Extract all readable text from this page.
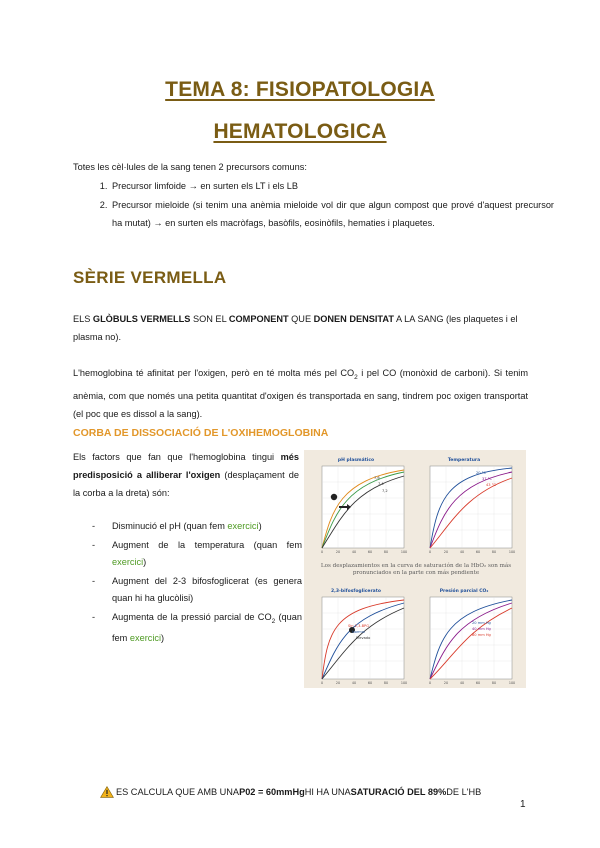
TEMA 8: FISIOPATOLOGIA
HEMATOLOGICA
Totes les cèl·lules de la sang tenen 2 precursors comuns:
1. Precursor limfoide → en surten els LT i els LB
2. Precursor mieloide (si tenim una anèmia mieloide vol dir que algun compost que prové d'aquest precursor ha mutat) → en surten els macròfags, basòfils, eosinòfils, hematies i plaquetes.
SÈRIE VERMELLA
ELS GLÒBULS VERMELLS SON EL COMPONENT QUE DONEN DENSITAT A LA SANG (les plaquetes i el plasma no).
L'hemoglobina té afinitat per l'oxigen, però en té molta més pel $CO_2$ i pel CO (monòxid de carboni). Si tenim anèmia, com que només una petita quantitat d'oxigen és transportada en sang, tindrem poc oxigen transportat (el poc que es dissol a la sang).
CORBA DE DISSOCIACIÓ DE L'OXIHEMOGLOBINA
Els factors que fan que l'hemoglobina tingui més predisposició a alliberar l'oxigen (desplaçament de la corba a la dreta) són:
- Disminució el pH (quan fem exercici)
- Augment de la temperatura (quan fem exercici)
- Augment del 2-3 bifosfoglicerat (es genera quan hi ha glucòlisi)
- Augmenta de la pressió parcial de $CO_2$ (quan fem exercici)
pH plasmático	Temperatura
2,3-bifosfoglicerato	Presión parcial CO₂
7,6
7,4
7,2
20 °C
37 °C
43 °C
Sin 2,3-BPG
Normal
Elevado
20 mm Hg
40 mm Hg
80 mm Hg
0	20	40	60	80	100	0	20	40	60	80	100
0	20	40	60	80	100	0	20	40	60	80	100
Los desplazamientos en la curva de saturación de la HbO₂ son más pronunciados en la parte con más pendiente
ES CALCULA QUE AMB UNA P02 = 60mmHg HI HA UNA SATURACIÓ DEL 89% DE L'HB
1
